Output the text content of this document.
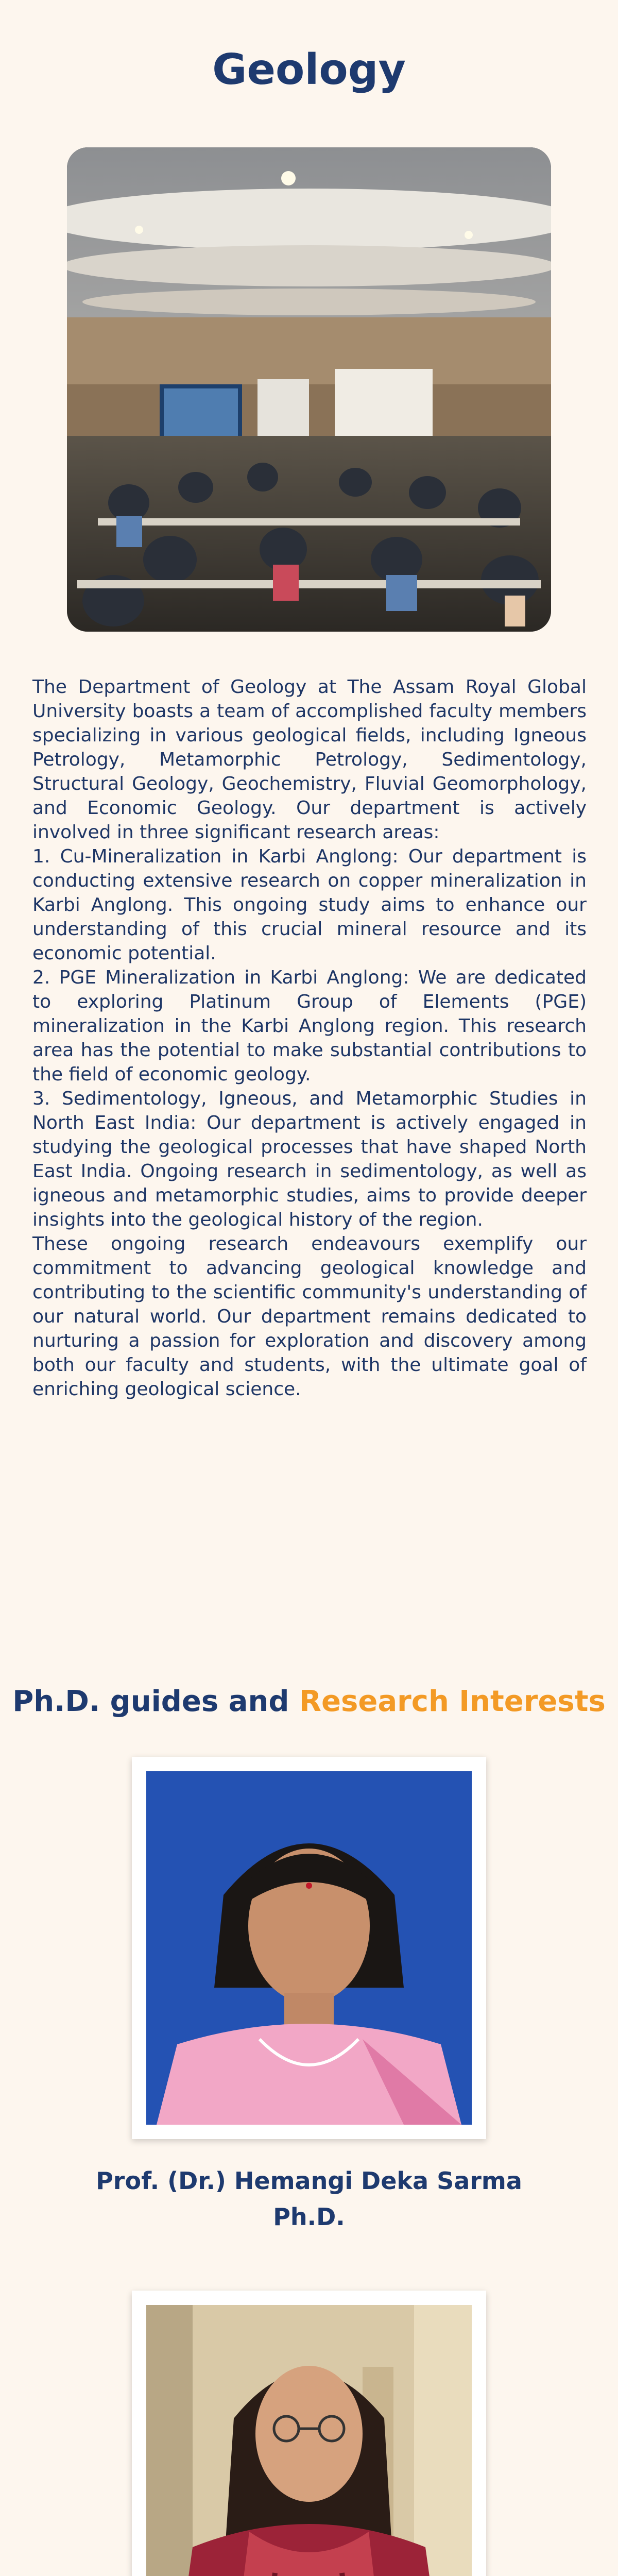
Geology

The Department of Geology at The Assam Royal Global University boasts a team of accomplished faculty members specializing in various geological fields, including Igneous Petrology, Metamorphic Petrology, Sedimentology, Structural Geology, Geochemistry, Fluvial Geomorphology, and Economic Geology. Our department is actively involved in three significant research areas:

1. Cu-Mineralization in Karbi Anglong: Our department is conducting extensive research on copper mineralization in Karbi Anglong. This ongoing study aims to enhance our understanding of this crucial mineral resource and its economic potential.

2. PGE Mineralization in Karbi Anglong: We are dedicated to exploring Platinum Group of Elements (PGE) mineralization in the Karbi Anglong region. This research area has the potential to make substantial contributions to the field of economic geology.

3. Sedimentology, Igneous, and Metamorphic Studies in North East India: Our department is actively engaged in studying the geological processes that have shaped North East India. Ongoing research in sedimentology, as well as igneous and metamorphic studies, aims to provide deeper insights into the geological history of the region.

These ongoing research endeavours exemplify our commitment to advancing geological knowledge and contributing to the scientific community's understanding of our natural world. Our department remains dedicated to nurturing a passion for exploration and discovery among both our faculty and students, with the ultimate goal of enriching geological science.

Ph.D. guides and Research Interests

Prof. (Dr.) Hemangi Deka Sarma

Ph.D.
